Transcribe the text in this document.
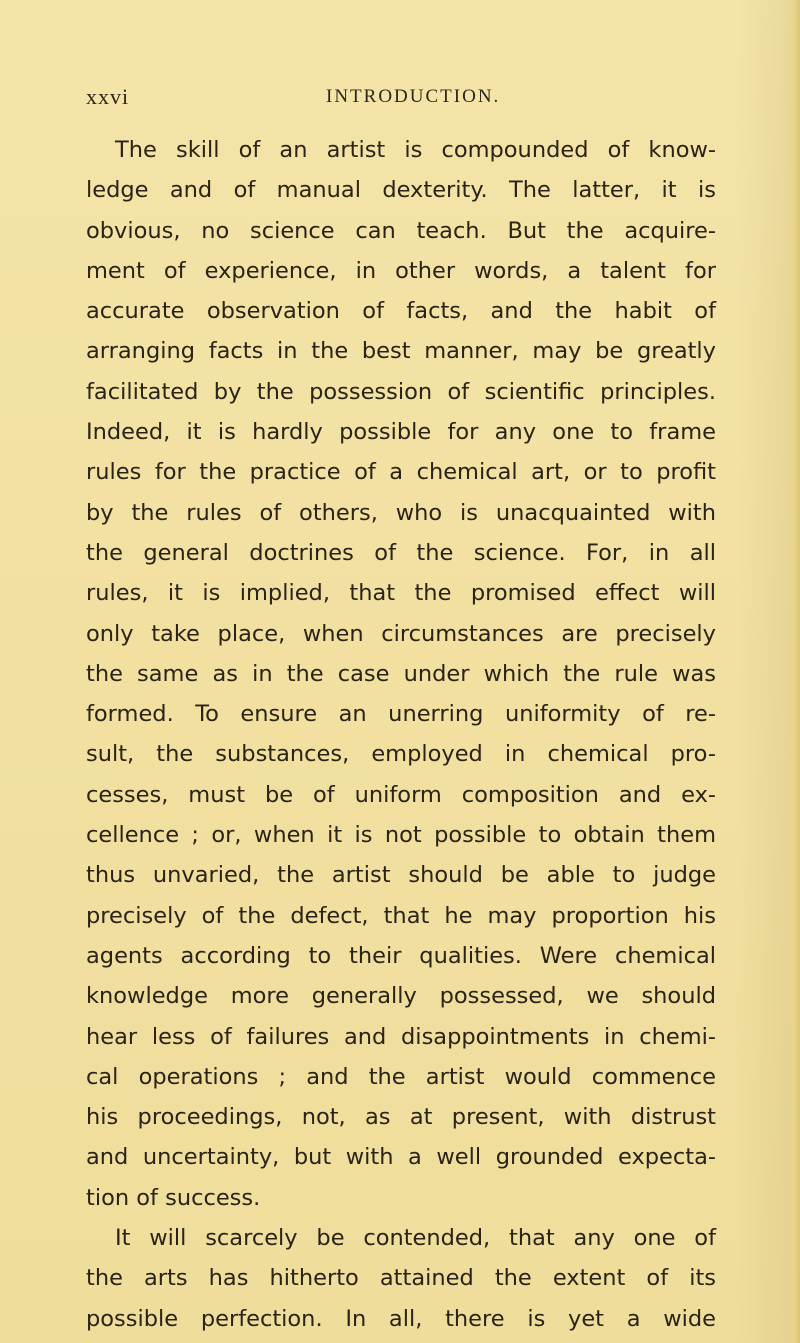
xxvi	INTRODUCTION.
The skill of an artist is compounded of know-
ledge and of manual dexterity. The latter, it is
obvious, no science can teach. But the acquire-
ment of experience, in other words, a talent for
accurate observation of facts, and the habit of
arranging facts in the best manner, may be greatly
facilitated by the possession of scientific principles.
Indeed, it is hardly possible for any one to frame
rules for the practice of a chemical art, or to profit
by the rules of others, who is unacquainted with
the general doctrines of the science. For, in all
rules, it is implied, that the promised effect will
only take place, when circumstances are precisely
the same as in the case under which the rule was
formed. To ensure an unerring uniformity of re-
sult, the substances, employed in chemical pro-
cesses, must be of uniform composition and ex-
cellence ; or, when it is not possible to obtain them
thus unvaried, the artist should be able to judge
precisely of the defect, that he may proportion his
agents according to their qualities. Were chemical
knowledge more generally possessed, we should
hear less of failures and disappointments in chemi-
cal operations ; and the artist would commence
his proceedings, not, as at present, with distrust
and uncertainty, but with a well grounded expecta-
tion of success.
It will scarcely be contended, that any one of
the arts has hitherto attained the extent of its
possible perfection. In all, there is yet a wide
